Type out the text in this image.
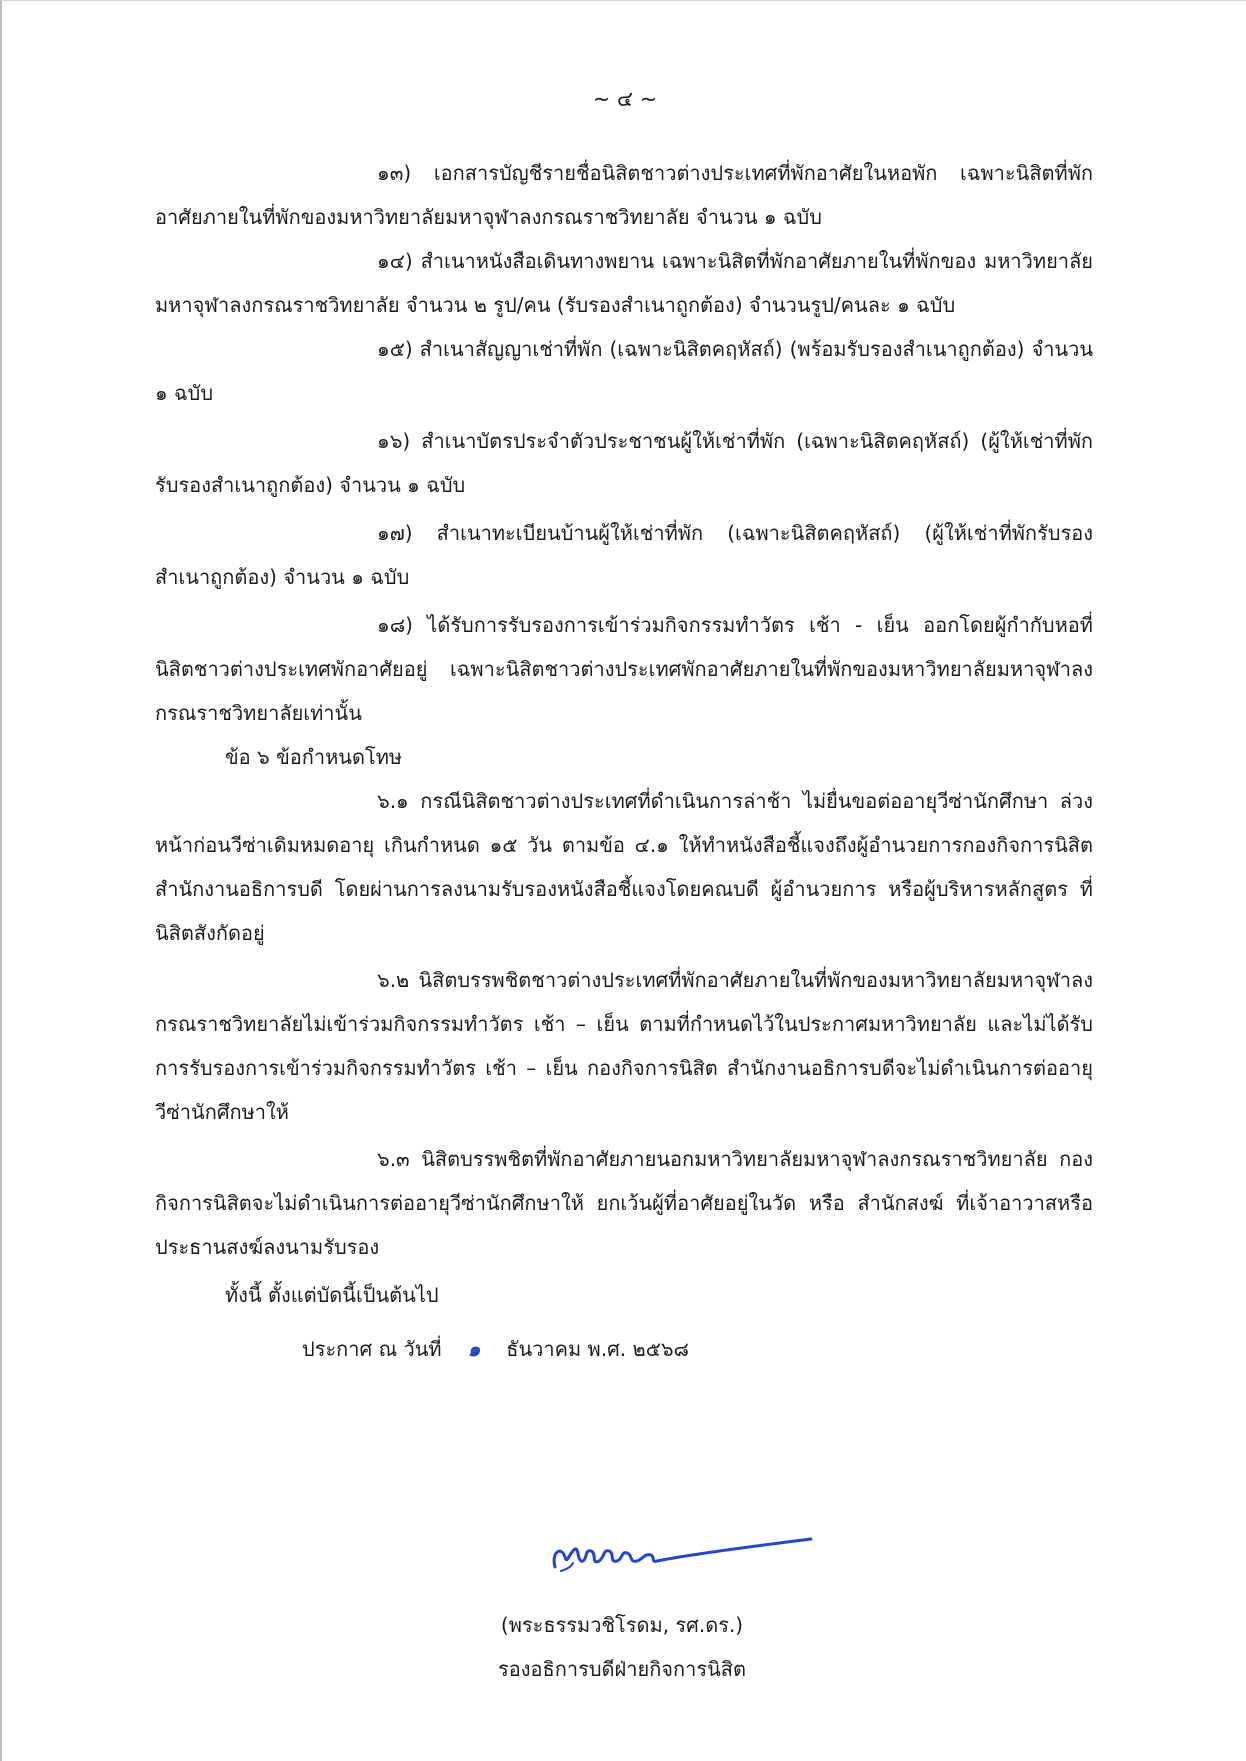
~ ๔ ~

๑๓) เอกสารบัญชีรายชื่อนิสิตชาวต่างประเทศที่พักอาศัยในหอพัก เฉพาะนิสิตที่พัก อาศัยภายในที่พักของมหาวิทยาลัยมหาจุฬาลงกรณราชวิทยาลัย จำนวน ๑ ฉบับ

๑๔) สำเนาหนังสือเดินทางพยาน เฉพาะนิสิตที่พักอาศัยภายในที่พักของ มหาวิทยาลัยมหาจุฬาลงกรณราชวิทยาลัย จำนวน ๒ รูป/คน (รับรองสำเนาถูกต้อง) จำนวนรูป/คนละ ๑ ฉบับ

๑๕) สำเนาสัญญาเช่าที่พัก (เฉพาะนิสิตคฤหัสถ์) (พร้อมรับรองสำเนาถูกต้อง) จำนวน ๑ ฉบับ

๑๖) สำเนาบัตรประจำตัวประชาชนผู้ให้เช่าที่พัก (เฉพาะนิสิตคฤหัสถ์) (ผู้ให้เช่าที่พัก รับรองสำเนาถูกต้อง) จำนวน ๑ ฉบับ

๑๗) สำเนาทะเบียนบ้านผู้ให้เช่าที่พัก (เฉพาะนิสิตคฤหัสถ์) (ผู้ให้เช่าที่พักรับรอง สำเนาถูกต้อง) จำนวน ๑ ฉบับ

๑๘) ได้รับการรับรองการเข้าร่วมกิจกรรมทำวัตร เช้า - เย็น ออกโดยผู้กำกับหอที่ นิสิตชาวต่างประเทศพักอาศัยอยู่ เฉพาะนิสิตชาวต่างประเทศพักอาศัยภายในที่พักของมหาวิทยาลัยมหาจุฬาลงกรณราชวิทยาลัยเท่านั้น

ข้อ ๖ ข้อกำหนดโทษ

๖.๑ กรณีนิสิตชาวต่างประเทศที่ดำเนินการล่าช้า ไม่ยื่นขอต่ออายุวีซ่านักศึกษา ล่วงหน้าก่อนวีซ่าเดิมหมดอายุ เกินกำหนด ๑๕ วัน ตามข้อ ๔.๑ ให้ทำหนังสือชี้แจงถึงผู้อำนวยการกองกิจการนิสิต สำนักงานอธิการบดี โดยผ่านการลงนามรับรองหนังสือชี้แจงโดยคณบดี ผู้อำนวยการ หรือผู้บริหารหลักสูตร ที่นิสิตสังกัดอยู่

๖.๒ นิสิตบรรพชิตชาวต่างประเทศที่พักอาศัยภายในที่พักของมหาวิทยาลัยมหาจุฬาลงกรณราชวิทยาลัยไม่เข้าร่วมกิจกรรมทำวัตร เช้า – เย็น ตามที่กำหนดไว้ในประกาศมหาวิทยาลัย และไม่ได้รับการรับรองการเข้าร่วมกิจกรรมทำวัตร เช้า – เย็น กองกิจการนิสิต สำนักงานอธิการบดีจะไม่ดำเนินการต่ออายุวีซ่านักศึกษาให้

๖.๓ นิสิตบรรพชิตที่พักอาศัยภายนอกมหาวิทยาลัยมหาจุฬาลงกรณราชวิทยาลัย กองกิจการนิสิตจะไม่ดำเนินการต่ออายุวีซ่านักศึกษาให้ ยกเว้นผู้ที่อาศัยอยู่ในวัด หรือ สำนักสงฆ์ ที่เจ้าอาวาสหรือประธานสงฆ์ลงนามรับรอง

ทั้งนี้ ตั้งแต่บัดนี้เป็นต้นไป

ประกาศ ณ วันที่ ๑ ธันวาคม พ.ศ. ๒๕๖๘
(พระธรรมวชิโรดม, รศ.ดร.)
รองอธิการบดีฝ่ายกิจการนิสิต
